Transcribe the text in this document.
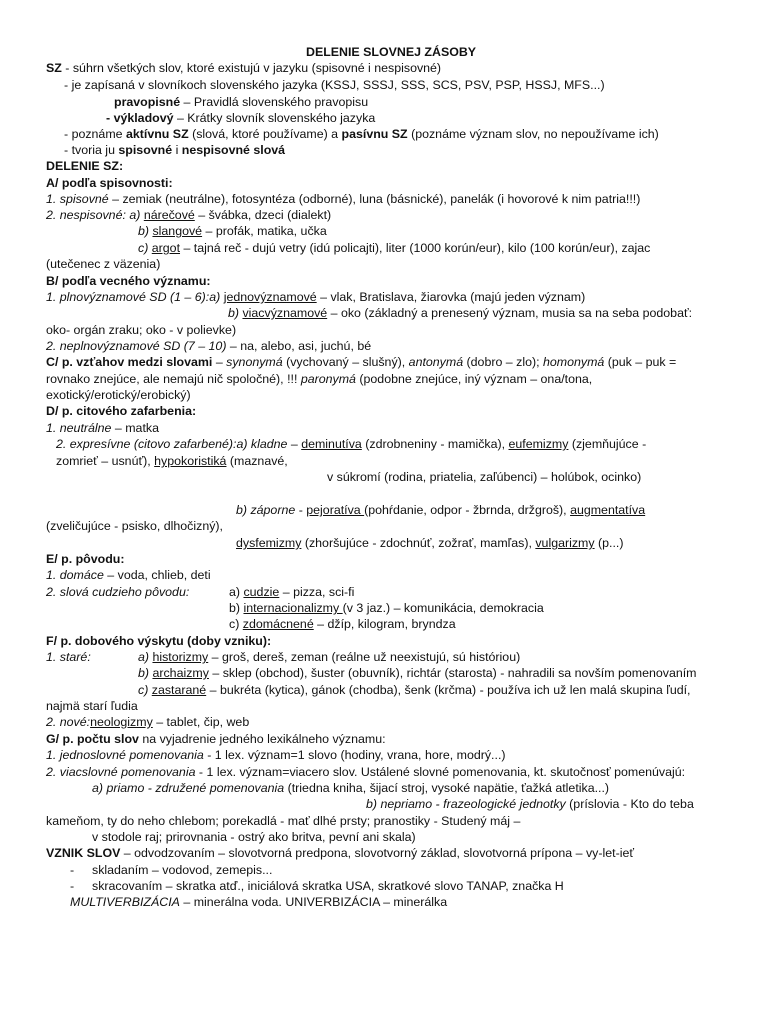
DELENIE SLOVNEJ ZÁSOBY
SZ - súhrn všetkých slov, ktoré existujú v jazyku (spisovné i nespisovné)
- je zapísaná v slovníkoch slovenského jazyka (KSSJ, SSSJ, SSS, SCS, PSV, PSP, HSSJ, MFS...)
pravopisné – Pravidlá slovenského pravopisu
- výkladový – Krátky slovník slovenského jazyka
- poznáme aktívnu SZ (slová, ktoré používame) a pasívnu SZ (poznáme význam slov, no nepoužívame ich)
- tvoria ju spisovné i nespisovné slová
DELENIE SZ:
A/ podľa spisovnosti:
1. spisovné – zemiak (neutrálne), fotosyntéza (odborné), luna (básnické), panelák (i hovorové k nim patria!!!)
2. nespisovné: a) nárečové – švábka, dzeci (dialekt)
b) slangové – profák, matika, učka
c) argot – tajná reč - dujú vetry (idú policajti), liter (1000 korún/eur), kilo (100 korún/eur), zajac
(utečenec z väzenia)
B/ podľa vecného významu:
1. plnovýznamové SD (1 – 6):a) jednovýznamové – vlak, Bratislava, žiarovka (majú jeden význam)
b) viacvýznamové – oko (základný a prenesený význam, musia sa na seba podobať:
oko- orgán zraku; oko - v polievke)
2. neplnovýznamové SD (7 – 10) – na, alebo, asi, juchú, bé
C/ p. vzťahov medzi slovami – synonymá (vychovaný – slušný), antonymá (dobro – zlo); homonymá (puk – puk =
rovnako znejúce, ale nemajú nič spoločné), !!! paronymá (podobne znejúce, iný význam – ona/tona,
exotický/erotický/erobický)
D/ p. citového zafarbenia:
1. neutrálne – matka
2. expresívne (citovo zafarbené):a) kladne – deminutíva (zdrobneniny - mamička), eufemizmy (zjemňujúce -
zomrieť – usnúť), hypokoristiká (maznavé,
v súkromí (rodina, priatelia, zaľúbenci) – holúbok, ocinko)
b) záporne - pejoratíva (pohŕdanie, odpor - žbrnda, držgroš), augmentatíva
(zveličujúce - psisko, dlhočizný),
dysfemizmy (zhoršujúce - zdochnúť, zožrať, mamľas), vulgarizmy (p...)
E/ p. pôvodu:
1. domáce – voda, chlieb, deti
2. slová cudzieho pôvodu:	a) cudzie – pizza, sci-fi
b) internacionalizmy (v 3 jaz.) – komunikácia, demokracia
c) zdomácnené – džíp, kilogram, bryndza
F/ p. dobového výskytu (doby vzniku):
1. staré:	a) historizmy – groš, dereš, zeman (reálne už neexistujú, sú históriou)
b) archaizmy – sklep (obchod), šuster (obuvník), richtár (starosta) - nahradili sa novším pomenovaním
c) zastarané – bukréta (kytica), gánok (chodba), šenk (krčma) - používa ich už len malá skupina ľudí,
najmä starí ľudia
2. nové:neologizmy – tablet, čip, web
G/ p. počtu slov na vyjadrenie jedného lexikálneho významu:
1. jednoslovné pomenovania - 1 lex. význam=1 slovo (hodiny, vrana, hore, modrý...)
2. viacslovné pomenovania - 1 lex. význam=viacero slov. Ustálené slovné pomenovania, kt. skutočnosť pomenúvajú:
a) priamo - združené pomenovania (triedna kniha, šijací stroj, vysoké napätie, ťažká atletika...)
b) nepriamo - frazeologické jednotky (príslovia - Kto do teba
kameňom, ty do neho chlebom; porekadlá - mať dlhé prsty; pranostiky - Studený máj –
v stodole raj; prirovnania - ostrý ako britva, pevní ani skala)
VZNIK SLOV – odvodzovaním – slovotvorná predpona, slovotvorný základ, slovotvorná prípona – vy-let-ieť
- skladaním – vodovod, zemepis...
- skracovaním – skratka atď., iniciálová skratka USA, skratkové slovo TANAP, značka H
MULTIVERBIZÁCIA – minerálna voda. UNIVERBIZÁCIA – minerálka
